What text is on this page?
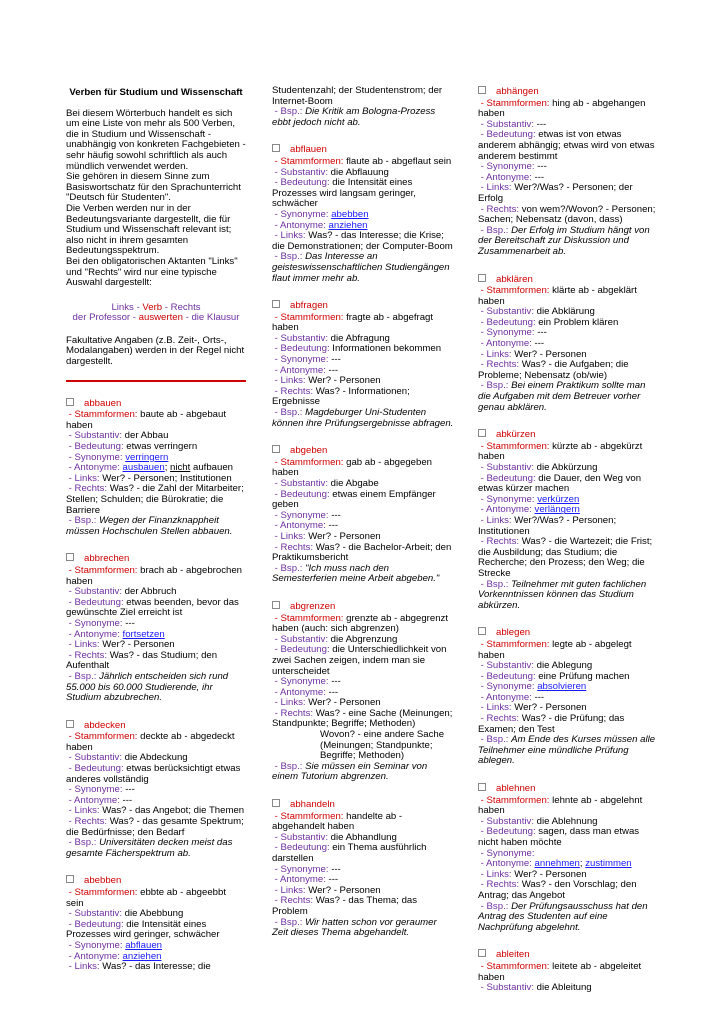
Verben für Studium und Wissenschaft

Bei diesem Wörterbuch handelt es sich um eine Liste von mehr als 500 Verben, die in Studium und Wissenschaft - unabhängig von konkreten Fachgebieten - sehr häufig sowohl schriftlich als auch mündlich verwendet werden.

Sie gehören in diesem Sinne zum Basiswortschatz für den Sprachunterricht "Deutsch für Studenten".

Die Verben werden nur in der Bedeutungsvariante dargestellt, die für Studium und Wissenschaft relevant ist; also nicht in ihrem gesamten Bedeutungsspektrum.

Bei den obligatorischen Aktanten "Links" und "Rechts" wird nur eine typische Auswahl dargestellt:

Links - Verb - Rechts
der Professor - auswerten - die Klausur
Fakultative Angaben (z.B. Zeit-, Orts-, Modalangaben) werden in der Regel nicht dargestellt.
abbauen
- Stammformen: baute ab - abgebaut haben
- Substantiv: der Abbau
- Bedeutung: etwas verringern
- Synonyme: verringern
- Antonyme: ausbauen; nicht aufbauen
- Links: Wer? - Personen; Institutionen
- Rechts: Was? - die Zahl der Mitarbeiter; Stellen; Schulden; die Bürokratie; die Barriere
- Bsp.: Wegen der Finanzknappheit müssen Hochschulen Stellen abbauen.
abbrechen
- Stammformen: brach ab - abgebrochen haben
- Substantiv: der Abbruch
- Bedeutung: etwas beenden, bevor das gewünschte Ziel erreicht ist
- Synonyme: ---
- Antonyme: fortsetzen
- Links: Wer? - Personen
- Rechts: Was? - das Studium; den Aufenthalt
- Bsp.: Jährlich entscheiden sich rund 55.000 bis 60.000 Studierende, ihr Studium abzubrechen.
abdecken
- Stammformen: deckte ab - abgedeckt haben
- Substantiv: die Abdeckung
- Bedeutung: etwas berücksichtigt etwas anderes vollständig
- Synonyme: ---
- Antonyme: ---
- Links: Was? - das Angebot; die Themen
- Rechts: Was? - das gesamte Spektrum; die Bedürfnisse; den Bedarf
- Bsp.: Universitäten decken meist das gesamte Fächerspektrum ab.
abebben
- Stammformen: ebbte ab - abgeebbt sein
- Substantiv: die Abebbung
- Bedeutung: die Intensität eines Prozesses wird geringer, schwächer
- Synonyme: abflauen
- Antonyme: anziehen
- Links: Was? - das Interesse; die
Studentenzahl; der Studentenstrom; der Internet-Boom
- Bsp.: Die Kritik am Bologna-Prozess ebbt jedoch nicht ab.
abflauen
- Stammformen: flaute ab - abgeflaut sein
- Substantiv: die Abflauung
- Bedeutung: die Intensität eines Prozesses wird langsam geringer, schwächer
- Synonyme: abebben
- Antonyme: anziehen
- Links: Was? - das Interesse; die Krise; die Demonstrationen; der Computer-Boom
- Bsp.: Das Interesse an geisteswissenschaftlichen Studiengängen flaut immer mehr ab.
abfragen
- Stammformen: fragte ab - abgefragt haben
- Substantiv: die Abfragung
- Bedeutung: Informationen bekommen
- Synonyme: ---
- Antonyme: ---
- Links: Wer? - Personen
- Rechts: Was? - Informationen; Ergebnisse
- Bsp.: Magdeburger Uni-Studenten können ihre Prüfungsergebnisse abfragen.
abgeben
- Stammformen: gab ab - abgegeben haben
- Substantiv: die Abgabe
- Bedeutung: etwas einem Empfänger geben
- Synonyme: ---
- Antonyme: ---
- Links: Wer? - Personen
- Rechts: Was? - die Bachelor-Arbeit; den Praktikumsbericht
- Bsp.: "Ich muss nach den Semesterferien meine Arbeit abgeben."
abgrenzen
- Stammformen: grenzte ab - abgegrenzt haben (auch: sich abgrenzen)
- Substantiv: die Abgrenzung
- Bedeutung: die Unterschiedlichkeit von zwei Sachen zeigen, indem man sie unterscheidet
- Synonyme: ---
- Antonyme: ---
- Links: Wer? - Personen
- Rechts: Was? - eine Sache (Meinungen; Standpunkte; Begriffe; Methoden)
Wovon? - eine andere Sache (Meinungen; Standpunkte; Begriffe; Methoden)
- Bsp.: Sie müssen ein Seminar von einem Tutorium abgrenzen.
abhandeln
- Stammformen: handelte ab - abgehandelt haben
- Substantiv: die Abhandlung
- Bedeutung: ein Thema ausführlich darstellen
- Synonyme: ---
- Antonyme: ---
- Links: Wer? - Personen
- Rechts: Was? - das Thema; das Problem
- Bsp.: Wir hatten schon vor geraumer Zeit dieses Thema abgehandelt.
abhängen
- Stammformen: hing ab - abgehangen haben
- Substantiv: ---
- Bedeutung: etwas ist von etwas anderem abhängig; etwas wird von etwas anderem bestimmt
- Synonyme: ---
- Antonyme: ---
- Links: Wer?/Was? - Personen; der Erfolg
- Rechts: von wem?/Wovon? - Personen; Sachen; Nebensatz (davon, dass)
- Bsp.: Der Erfolg im Studium hängt von der Bereitschaft zur Diskussion und Zusammenarbeit ab.
abklären
- Stammformen: klärte ab - abgeklärt haben
- Substantiv: die Abklärung
- Bedeutung: ein Problem klären
- Synonyme: ---
- Antonyme: ---
- Links: Wer? - Personen
- Rechts: Was? - die Aufgaben; die Probleme; Nebensatz (ob/wie)
- Bsp.: Bei einem Praktikum sollte man die Aufgaben mit dem Betreuer vorher genau abklären.
abkürzen
- Stammformen: kürzte ab - abgekürzt haben
- Substantiv: die Abkürzung
- Bedeutung: die Dauer, den Weg von etwas kürzer machen
- Synonyme: verkürzen
- Antonyme: verlängern
- Links: Wer?/Was? - Personen; Institutionen
- Rechts: Was? - die Wartezeit; die Frist; die Ausbildung; das Studium; die Recherche; den Prozess; den Weg; die Strecke
- Bsp.: Teilnehmer mit guten fachlichen Vorkenntnissen können das Studium abkürzen.
ablegen
- Stammformen: legte ab - abgelegt haben
- Substantiv: die Ablegung
- Bedeutung: eine Prüfung machen
- Synonyme: absolvieren
- Antonyme: ---
- Links: Wer? - Personen
- Rechts: Was? - die Prüfung; das Examen; den Test
- Bsp.: Am Ende des Kurses müssen alle Teilnehmer eine mündliche Prüfung ablegen.
ablehnen
- Stammformen: lehnte ab - abgelehnt haben
- Substantiv: die Ablehnung
- Bedeutung: sagen, dass man etwas nicht haben möchte
- Synonyme:
- Antonyme: annehmen; zustimmen
- Links: Wer? - Personen
- Rechts: Was? - den Vorschlag; den Antrag; das Angebot
- Bsp.: Der Prüfungsausschuss hat den Antrag des Studenten auf eine Nachprüfung abgelehnt.
ableiten
- Stammformen: leitete ab - abgeleitet haben
- Substantiv: die Ableitung
